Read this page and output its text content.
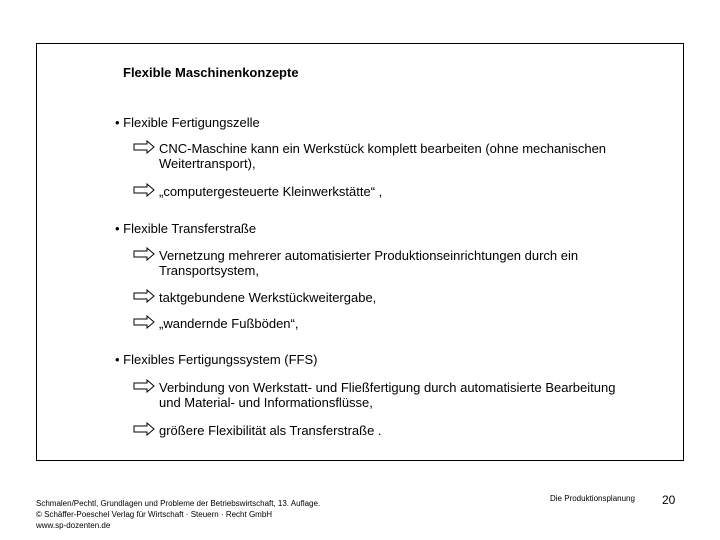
Flexible Maschinenkonzepte
• Flexible Fertigungszelle
CNC-Maschine kann ein Werkstück komplett bearbeiten (ohne mechanischen Weitertransport),
„computergesteuerte Kleinwerkstätte“ ,
• Flexible Transferstraße
Vernetzung mehrerer automatisierter Produktionseinrichtungen durch ein Transportsystem,
taktgebundene Werkstückweitergabe,
„wandernde Fußböden“,
• Flexibles Fertigungssystem (FFS)
Verbindung von Werkstatt- und Fließfertigung durch automatisierte Bearbeitung und Material- und Informationsflüsse,
größere Flexibilität als Transferstraße .
Schmalen/Pechtl, Grundlagen und Probleme der Betriebswirtschaft, 13. Auflage.
© Schäffer-Poeschel Verlag für Wirtschaft · Steuern · Recht GmbH
www.sp-dozenten.de
Die Produktionsplanung 20
